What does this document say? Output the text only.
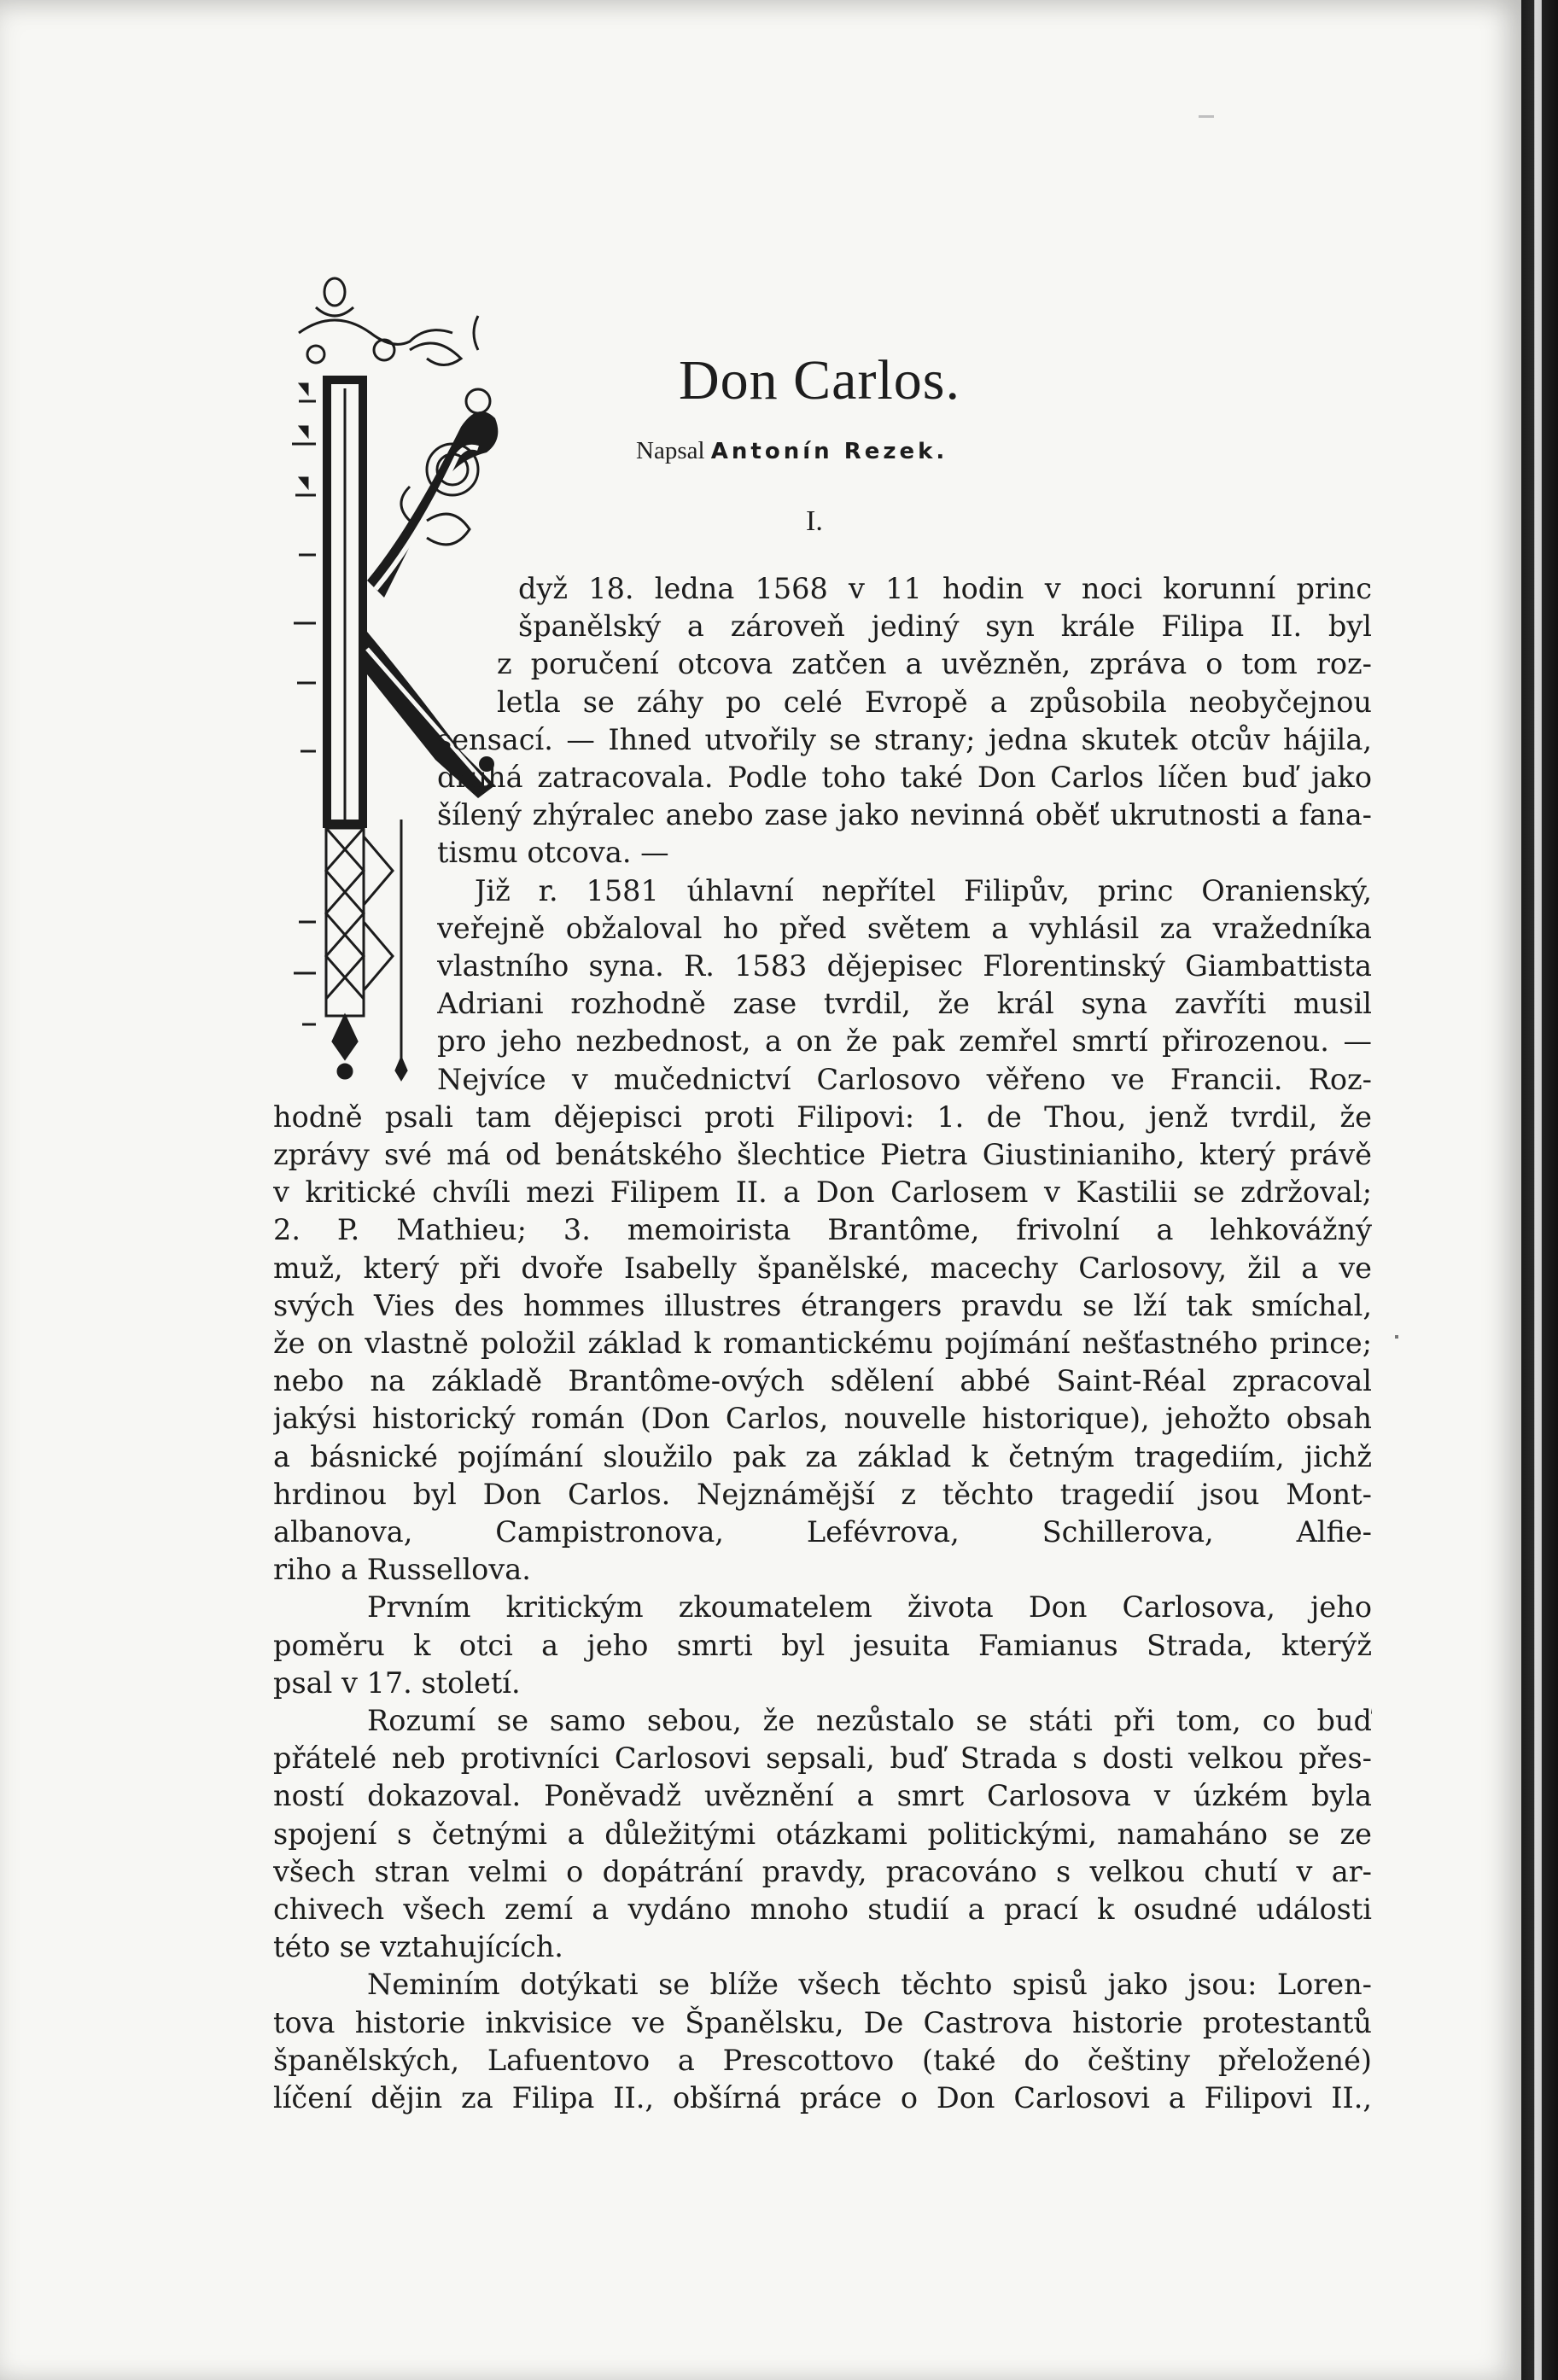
Don Carlos.
Napsal Antonín Rezek.
I.
dyž 18. ledna 1568 v 11 hodin v noci korunní princ
španělský a zároveň jediný syn krále Filipa II. byl
z poručení otcova zatčen a uvězněn, zpráva o tom roz-
letla se záhy po celé Evropě a způsobila neobyčejnou
sensací. — Ihned utvořily se strany; jedna skutek otcův hájila,
druhá zatracovala. Podle toho také Don Carlos líčen buď jako
šílený zhýralec anebo zase jako nevinná oběť ukrutnosti a fana-
tismu otcova. —
Již r. 1581 úhlavní nepřítel Filipův, princ Oranienský,
veřejně obžaloval ho před světem a vyhlásil za vražedníka
vlastního syna. R. 1583 dějepisec Florentinský Giambattista
Adriani rozhodně zase tvrdil, že král syna zavříti musil
pro jeho nezbednost, a on že pak zemřel smrtí přirozenou. —
Nejvíce v mučednictví Carlosovo věřeno ve Francii. Roz-
hodně psali tam dějepisci proti Filipovi: 1. de Thou, jenž tvrdil, že
zprávy své má od benátského šlechtice Pietra Giustinianiho, který právě
v kritické chvíli mezi Filipem II. a Don Carlosem v Kastilii se zdržoval;
2. P. Mathieu; 3. memoirista Brantôme, frivolní a lehkovážný
muž, který při dvoře Isabelly španělské, macechy Carlosovy, žil a ve
svých Vies des hommes illustres étrangers pravdu se lží tak smíchal,
že on vlastně položil základ k romantickému pojímání nešťastného prince;
nebo na základě Brantôme-ových sdělení abbé Saint-Réal zpracoval
jakýsi historický román (Don Carlos, nouvelle historique), jehožto obsah
a básnické pojímání sloužilo pak za základ k četným tragediím, jichž
hrdinou byl Don Carlos. Nejznámější z těchto tragedií jsou Mont-
albanova, Campistronova, Lefévrova, Schillerova, Alfie-
riho a Russellova.
Prvním kritickým zkoumatelem života Don Carlosova, jeho
poměru k otci a jeho smrti byl jesuita Famianus Strada, kterýž
psal v 17. století.
Rozumí se samo sebou, že nezůstalo se státi při tom, co buď
přátelé neb protivníci Carlosovi sepsali, buď Strada s dosti velkou přes-
ností dokazoval. Poněvadž uvěznění a smrt Carlosova v úzkém byla
spojení s četnými a důležitými otázkami politickými, namaháno se ze
všech stran velmi o dopátrání pravdy, pracováno s velkou chutí v ar-
chivech všech zemí a vydáno mnoho studií a prací k osudné události
této se vztahujících.
Neminím dotýkati se blíže všech těchto spisů jako jsou: Loren-
tova historie inkvisice ve Španělsku, De Castrova historie protestantů
španělských, Lafuentovo a Prescottovo (také do češtiny přeložené)
líčení dějin za Filipa II., obšírná práce o Don Carlosovi a Filipovi II.,
